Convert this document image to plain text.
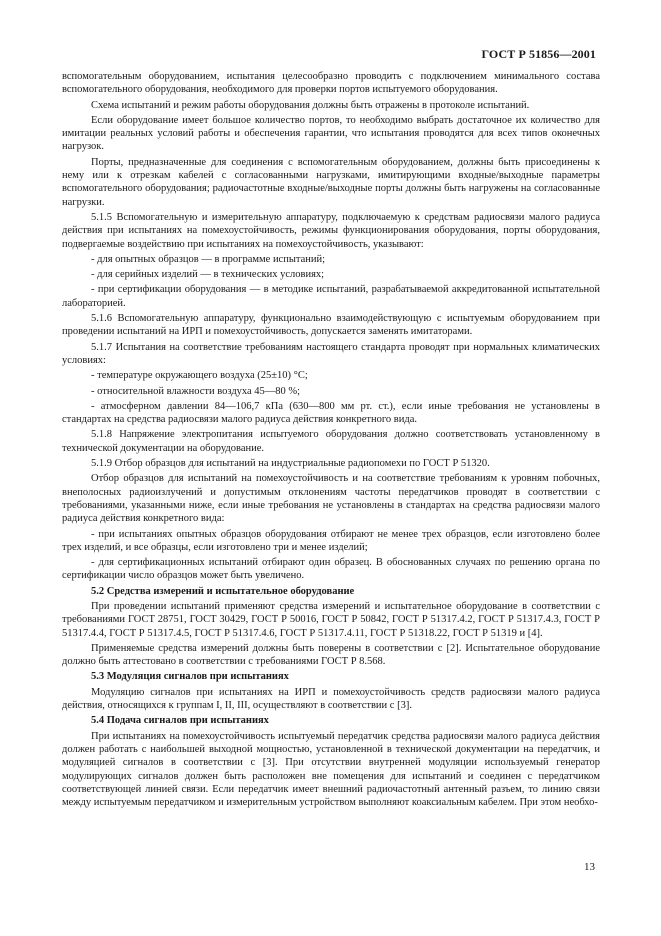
ГОСТ Р 51856—2001

вспомогательным оборудованием, испытания целесообразно проводить с подключением минимального состава вспомогательного оборудования, необходимого для проверки портов испытуемого оборудования.

Схема испытаний и режим работы оборудования должны быть отражены в протоколе испытаний.

Если оборудование имеет большое количество портов, то необходимо выбрать достаточное их количество для имитации реальных условий работы и обеспечения гарантии, что испытания проводятся для всех типов оконечных нагрузок.

Порты, предназначенные для соединения с вспомогательным оборудованием, должны быть присоединены к нему или к отрезкам кабелей с согласованными нагрузками, имитирующими входные/выходные параметры вспомогательного оборудования; радиочастотные входные/выходные порты должны быть нагружены на согласованные нагрузки.

5.1.5 Вспомогательную и измерительную аппаратуру, подключаемую к средствам радиосвязи малого радиуса действия при испытаниях на помехоустойчивость, режимы функционирования оборудования, порты оборудования, подвергаемые воздействию при испытаниях на помехоустойчивость, указывают:

- для опытных образцов — в программе испытаний;

- для серийных изделий — в технических условиях;

- при сертификации оборудования — в методике испытаний, разрабатываемой аккредитованной испытательной лабораторией.

5.1.6 Вспомогательную аппаратуру, функционально взаимодействующую с испытуемым оборудованием при проведении испытаний на ИРП и помехоустойчивость, допускается заменять имитаторами.

5.1.7 Испытания на соответствие требованиям настоящего стандарта проводят при нормальных климатических условиях:

- температуре окружающего воздуха (25±10) °С;

- относительной влажности воздуха 45—80 %;

- атмосферном давлении 84—106,7 кПа (630—800 мм рт. ст.), если иные требования не установлены в стандартах на средства радиосвязи малого радиуса действия конкретного вида.

5.1.8 Напряжение электропитания испытуемого оборудования должно соответствовать установленному в технической документации на оборудование.

5.1.9 Отбор образцов для испытаний на индустриальные радиопомехи по ГОСТ Р 51320.

Отбор образцов для испытаний на помехоустойчивость и на соответствие требованиям к уровням побочных, внеполосных радиоизлучений и допустимым отклонениям частоты передатчиков проводят в соответствии с требованиями, указанными ниже, если иные требования не установлены в стандартах на средства радиосвязи малого радиуса действия конкретного вида:

- при испытаниях опытных образцов оборудования отбирают не менее трех образцов, если изготовлено более трех изделий, и все образцы, если изготовлено три и менее изделий;

- для сертификационных испытаний отбирают один образец. В обоснованных случаях по решению органа по сертификации число образцов может быть увеличено.

5.2 Средства измерений и испытательное оборудование

При проведении испытаний применяют средства измерений и испытательное оборудование в соответствии с требованиями ГОСТ 28751, ГОСТ 30429, ГОСТ Р 50016, ГОСТ Р 50842, ГОСТ Р 51317.4.2, ГОСТ Р 51317.4.3, ГОСТ Р 51317.4.4, ГОСТ Р 51317.4.5, ГОСТ Р 51317.4.6, ГОСТ Р 51317.4.11, ГОСТ Р 51318.22, ГОСТ Р 51319 и [4].

Применяемые средства измерений должны быть поверены в соответствии с [2]. Испытательное оборудование должно быть аттестовано в соответствии с требованиями ГОСТ Р 8.568.

5.3 Модуляция сигналов при испытаниях

Модуляцию сигналов при испытаниях на ИРП и помехоустойчивость средств радиосвязи малого радиуса действия, относящихся к группам I, II, III, осуществляют в соответствии с [3].

5.4 Подача сигналов при испытаниях

При испытаниях на помехоустойчивость испытуемый передатчик средства радиосвязи малого радиуса действия должен работать с наибольшей выходной мощностью, установленной в технической документации на передатчик, и модуляцией сигналов в соответствии с [3]. При отсутствии внутренней модуляции используемый генератор модулирующих сигналов должен быть расположен вне помещения для испытаний и соединен с передатчиком соответствующей линией связи. Если передатчик имеет внешний радиочастотный антенный разъем, то линию связи между испытуемым передатчиком и измерительным устройством выполняют коаксиальным кабелем. При этом необхо-

13
